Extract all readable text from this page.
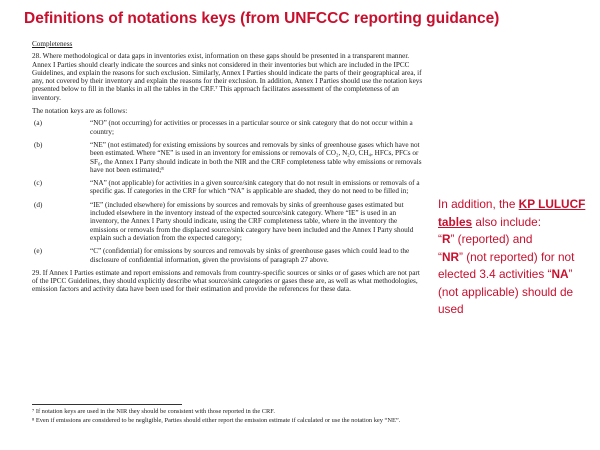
Definitions of notations keys (from UNFCCC reporting guidance)
Completeness

28. Where methodological or data gaps in inventories exist, information on these gaps should be presented in a transparent manner. Annex I Parties should clearly indicate the sources and sinks not considered in their inventories but which are included in the IPCC Guidelines, and explain the reasons for such exclusion. Similarly, Annex I Parties should indicate the parts of their geographical area, if any, not covered by their inventory and explain the reasons for their exclusion. In addition, Annex I Parties should use the notation keys presented below to fill in the blanks in all the tables in the CRF.⁷ This approach facilitates assessment of the completeness of an inventory.

The notation keys are as follows:

(a)	“NO” (not occurring) for activities or processes in a particular source or sink category that do not occur within a country;
(b)	“NE” (not estimated) for existing emissions by sources and removals by sinks of greenhouse gases which have not been estimated. Where “NE” is used in an inventory for emissions or removals of CO₂, N₂O, CH₄, HFCs, PFCs or SF₆, the Annex I Party should indicate in both the NIR and the CRF completeness table why emissions or removals have not been estimated;⁸
(c)	“NA” (not applicable) for activities in a given source/sink category that do not result in emissions or removals of a specific gas. If categories in the CRF for which “NA” is applicable are shaded, they do not need to be filled in;
(d)	“IE” (included elsewhere) for emissions by sources and removals by sinks of greenhouse gases estimated but included elsewhere in the inventory instead of the expected source/sink category. Where “IE” is used in an inventory, the Annex I Party should indicate, using the CRF completeness table, where in the inventory the emissions or removals from the displaced source/sink category have been included and the Annex I Party should explain such a deviation from the expected category;
(e)	“C” (confidential) for emissions by sources and removals by sinks of greenhouse gases which could lead to the disclosure of confidential information, given the provisions of paragraph 27 above.

29. If Annex I Parties estimate and report emissions and removals from country-specific sources or sinks or of gases which are not part of the IPCC Guidelines, they should explicitly describe what source/sink categories or gases these are, as well as what methodologies, emission factors and activity data have been used for their estimation and provide the references for these data.

⁷ If notation keys are used in the NIR they should be consistent with those reported in the CRF.
⁸ Even if emissions are considered to be negligible, Parties should either report the emission estimate if calculated or use the notation key “NE”.
In addition, the KP LULUCF tables also include:
“R” (reported) and
“NR” (not reported) for not elected 3.4 activities “NA” (not applicable) should de used
